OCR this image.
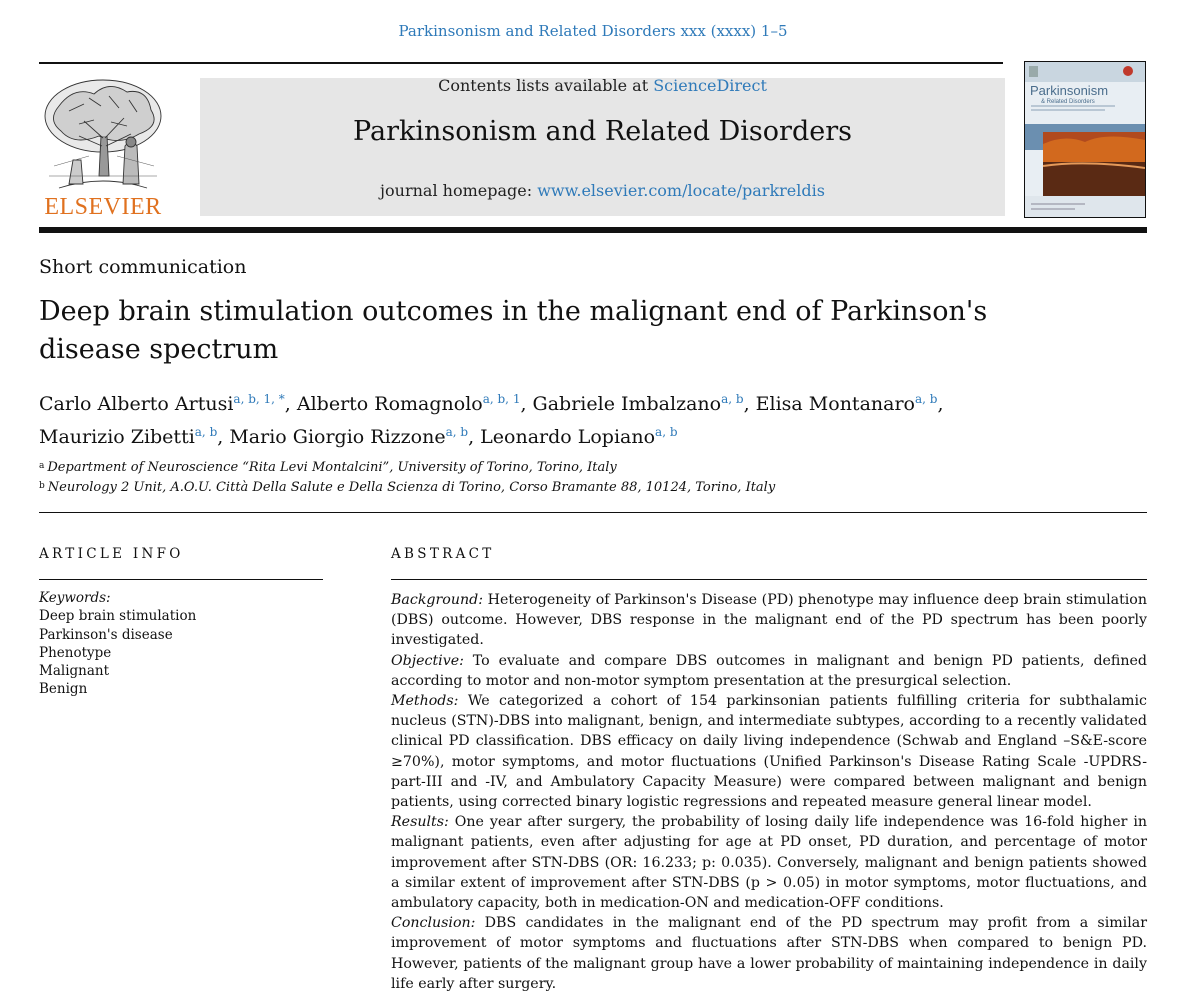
Parkinsonism and Related Disorders xxx (xxxx) 1–5
ELSEVIER
Contents lists available at ScienceDirect
Parkinsonism and Related Disorders
journal homepage: www.elsevier.com/locate/parkreldis
Parkinsonism
& Related Disorders
Short communication
Deep brain stimulation outcomes in the malignant end of Parkinson's disease spectrum
Carlo Alberto Artusi$^{a, b, 1, *}$, Alberto Romagnolo$^{a, b, 1}$, Gabriele Imbalzano$^{a, b}$, Elisa Montanaro$^{a, b}$,
Maurizio Zibetti$^{a, b}$, Mario Giorgio Rizzone$^{a, b}$, Leonardo Lopiano$^{a, b}$
$^a$ Department of Neuroscience “Rita Levi Montalcini”, University of Torino, Torino, Italy
$^b$ Neurology 2 Unit, A.O.U. Città Della Salute e Della Scienza di Torino, Corso Bramante 88, 10124, Torino, Italy
ARTICLE INFO	ABSTRACT
Keywords:
Deep brain stimulation
Parkinson's disease
Phenotype
Malignant
Benign

Background: Heterogeneity of Parkinson's Disease (PD) phenotype may influence deep brain stimulation (DBS) outcome. However, DBS response in the malignant end of the PD spectrum has been poorly investigated.

Objective: To evaluate and compare DBS outcomes in malignant and benign PD patients, defined according to motor and non-motor symptom presentation at the presurgical selection.

Methods: We categorized a cohort of 154 parkinsonian patients fulfilling criteria for subthalamic nucleus (STN)-DBS into malignant, benign, and intermediate subtypes, according to a recently validated clinical PD classification. DBS efficacy on daily living independence (Schwab and England –S&E-score ≥70%), motor symptoms, and motor fluctuations (Unified Parkinson's Disease Rating Scale -UPDRS- part-III and -IV, and Ambulatory Capacity Measure) were compared between malignant and benign patients, using corrected binary logistic regressions and repeated measure general linear model.

Results: One year after surgery, the probability of losing daily life independence was 16-fold higher in malignant patients, even after adjusting for age at PD onset, PD duration, and percentage of motor improvement after STN-DBS (OR: 16.233; p: 0.035). Conversely, malignant and benign patients showed a similar extent of improvement after STN-DBS (p > 0.05) in motor symptoms, motor fluctuations, and ambulatory capacity, both in medication-ON and medication-OFF conditions.

Conclusion: DBS candidates in the malignant end of the PD spectrum may profit from a similar improvement of motor symptoms and fluctuations after STN-DBS when compared to benign PD. However, patients of the malignant group have a lower probability of maintaining independence in daily life early after surgery.
